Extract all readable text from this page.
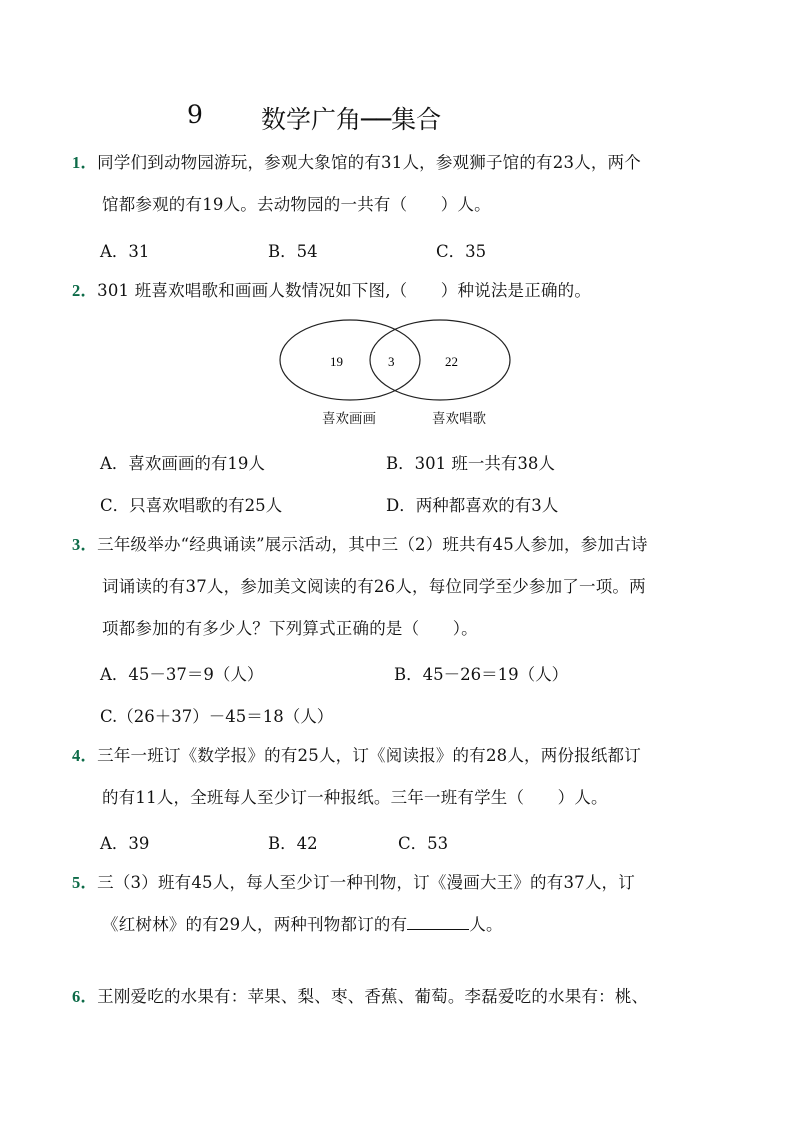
9 数学广角──集合
1．同学们到动物园游玩，参观大象馆的有31人，参观狮子馆的有23人，两个
馆都参观的有19人。去动物园的一共有（　　）人。
A．31	B．54	C．35
2．301 班喜欢唱歌和画画人数情况如下图,（　　）种说法是正确的。
19	3	22
喜欢画画	喜欢唱歌
A．喜欢画画的有19人	B．301 班一共有38人
C．只喜欢唱歌的有25人	D．两种都喜欢的有3人
3．三年级举办“经典诵读”展示活动，其中三（2）班共有45人参加，参加古诗
词诵读的有37人，参加美文阅读的有26人，每位同学至少参加了一项。两
项都参加的有多少人？下列算式正确的是（　　）。
A．45－37＝9（人）	B．45－26＝19（人）
C.（26＋37）－45＝18（人）
4．三年一班订《数学报》的有25人，订《阅读报》的有28人，两份报纸都订
的有11人，全班每人至少订一种报纸。三年一班有学生（　　）人。
A．39	B．42	C．53
5．三（3）班有45人，每人至少订一种刊物，订《漫画大王》的有37人，订
《红树林》的有29人，两种刊物都订的有	人。
6．王刚爱吃的水果有：苹果、梨、枣、香蕉、葡萄。李磊爱吃的水果有：桃、
